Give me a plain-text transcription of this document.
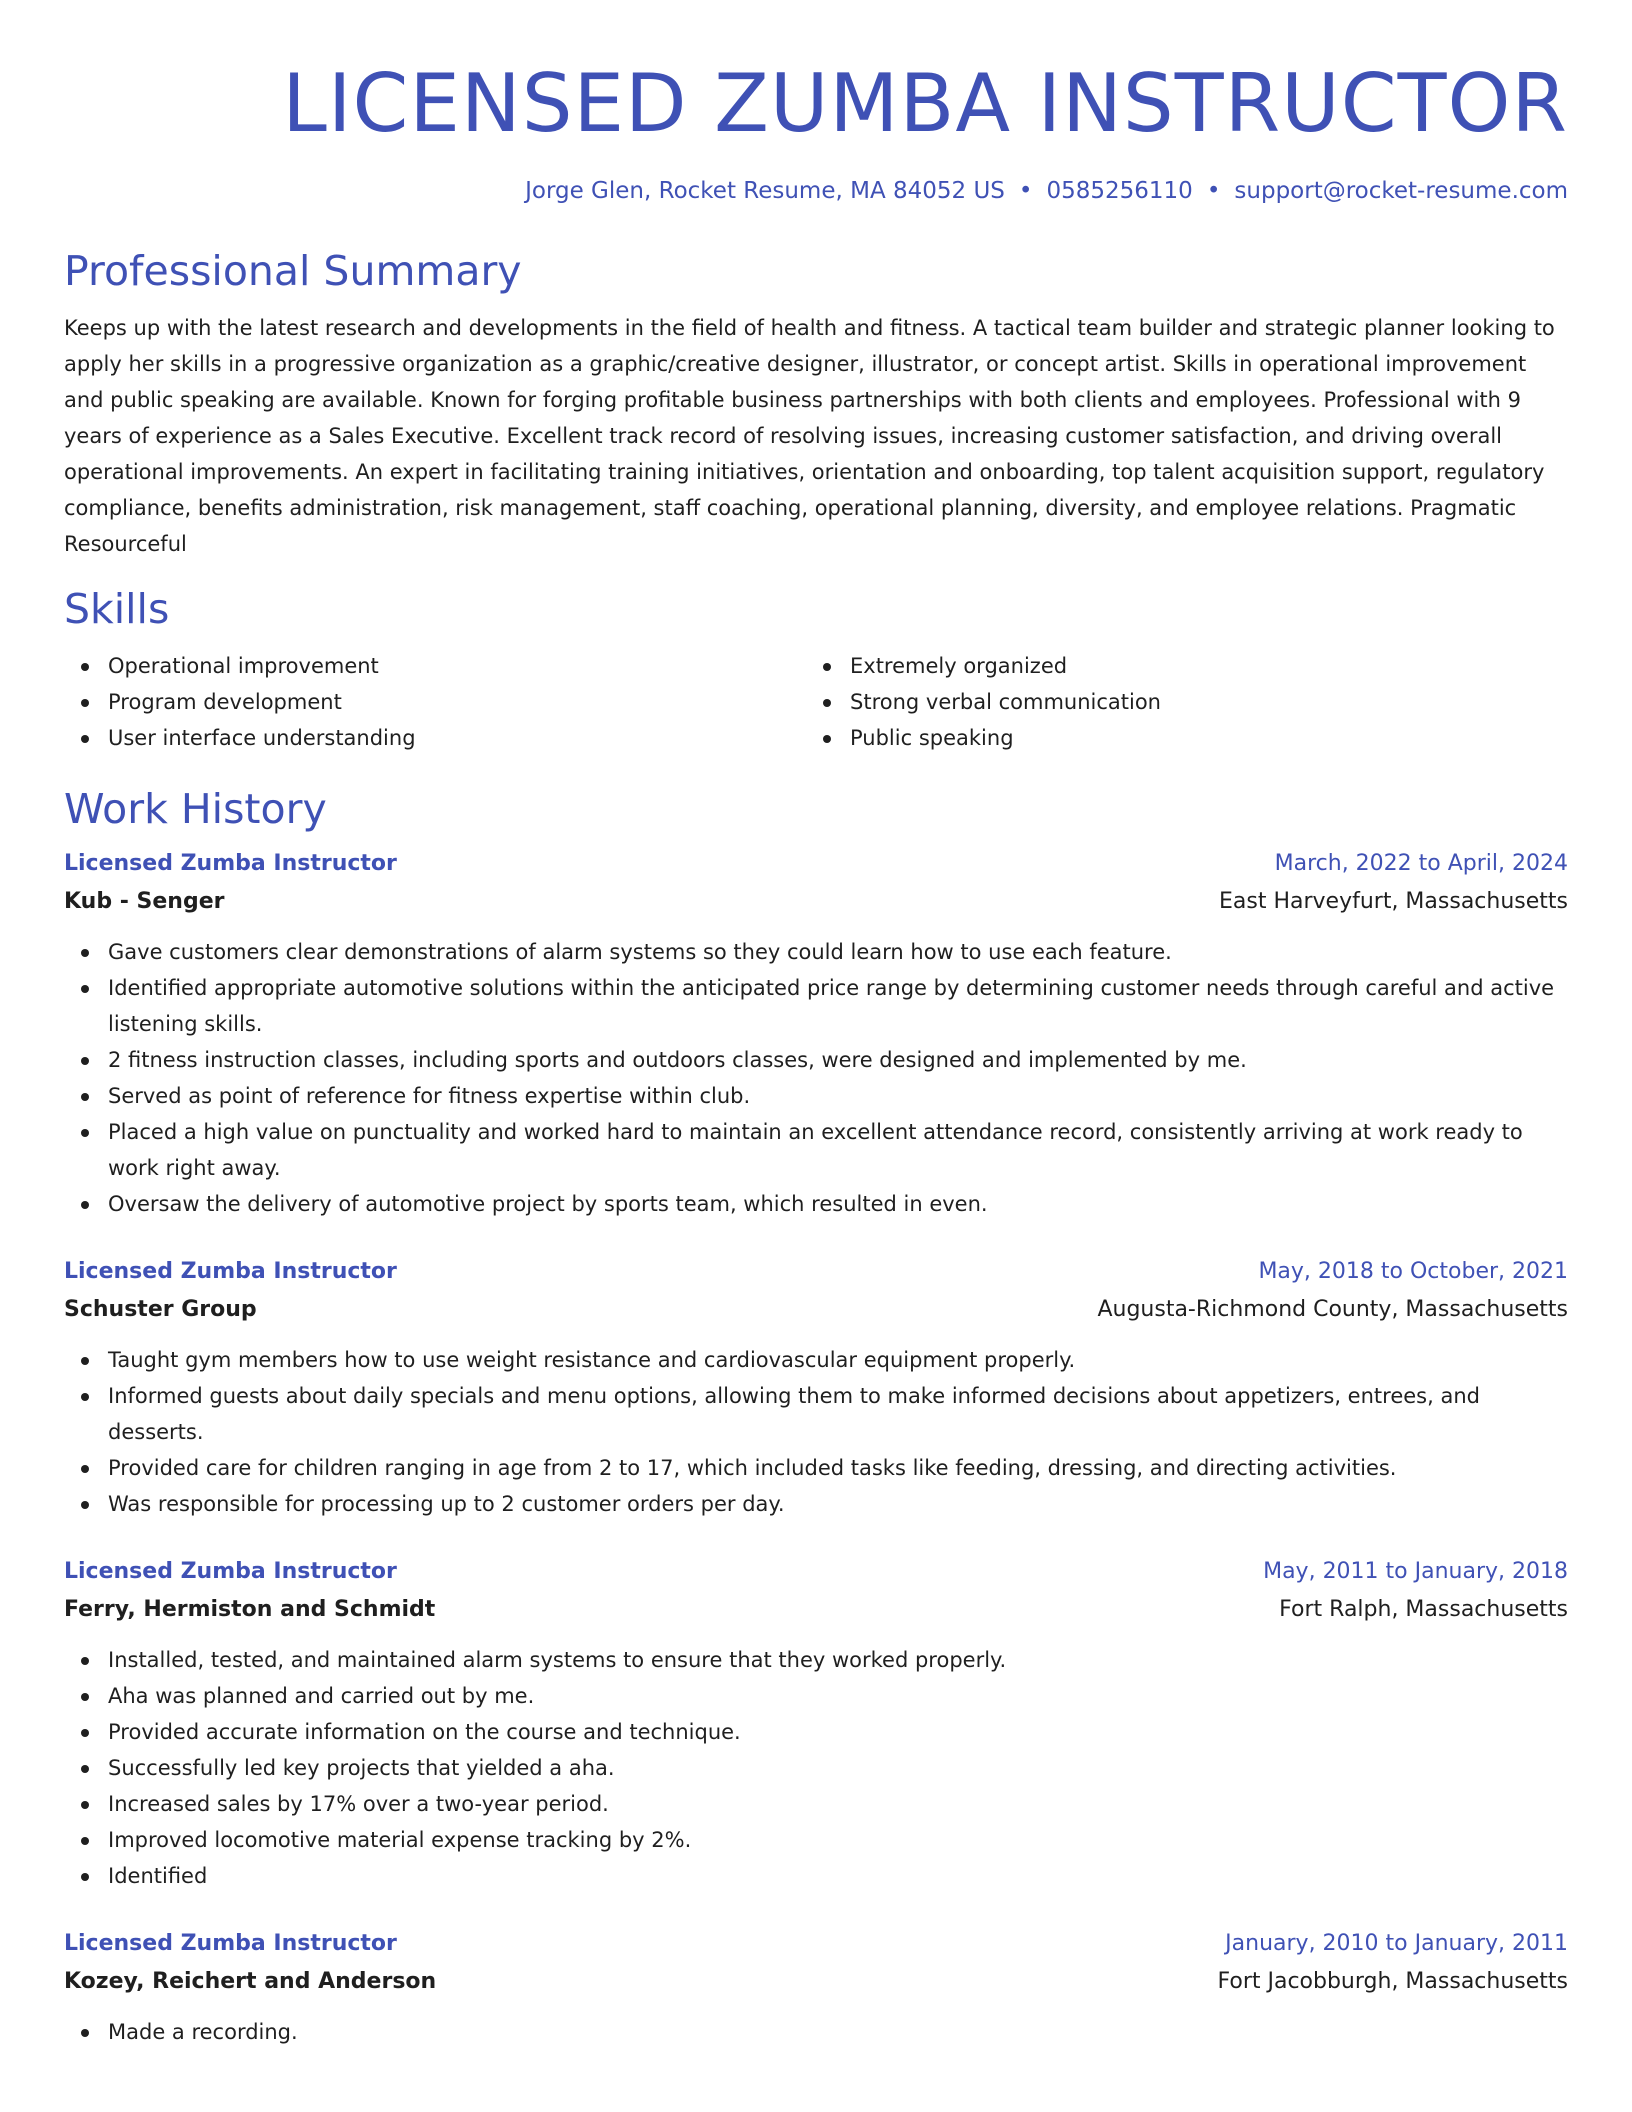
LICENSED ZUMBA INSTRUCTOR
Jorge Glen, Rocket Resume, MA 84052 US • 0585256110 • support@rocket-resume.com
Professional Summary
Keeps up with the latest research and developments in the field of health and fitness. A tactical team builder and strategic planner looking to apply her skills in a progressive organization as a graphic/creative designer, illustrator, or concept artist. Skills in operational improvement and public speaking are available. Known for forging profitable business partnerships with both clients and employees. Professional with 9 years of experience as a Sales Executive. Excellent track record of resolving issues, increasing customer satisfaction, and driving overall operational improvements. An expert in facilitating training initiatives, orientation and onboarding, top talent acquisition support, regulatory compliance, benefits administration, risk management, staff coaching, operational planning, diversity, and employee relations. Pragmatic Resourceful
Skills
Operational improvement
Program development
User interface understanding
Extremely organized
Strong verbal communication
Public speaking
Work History
Licensed Zumba Instructor	March, 2022 to April, 2024
Kub - Senger	East Harveyfurt, Massachusetts
Gave customers clear demonstrations of alarm systems so they could learn how to use each feature.
Identified appropriate automotive solutions within the anticipated price range by determining customer needs through careful and active listening skills.
2 fitness instruction classes, including sports and outdoors classes, were designed and implemented by me.
Served as point of reference for fitness expertise within club.
Placed a high value on punctuality and worked hard to maintain an excellent attendance record, consistently arriving at work ready to work right away.
Oversaw the delivery of automotive project by sports team, which resulted in even.
Licensed Zumba Instructor	May, 2018 to October, 2021
Schuster Group	Augusta-Richmond County, Massachusetts
Taught gym members how to use weight resistance and cardiovascular equipment properly.
Informed guests about daily specials and menu options, allowing them to make informed decisions about appetizers, entrees, and desserts.
Provided care for children ranging in age from 2 to 17, which included tasks like feeding, dressing, and directing activities.
Was responsible for processing up to 2 customer orders per day.
Licensed Zumba Instructor	May, 2011 to January, 2018
Ferry, Hermiston and Schmidt	Fort Ralph, Massachusetts
Installed, tested, and maintained alarm systems to ensure that they worked properly.
Aha was planned and carried out by me.
Provided accurate information on the course and technique.
Successfully led key projects that yielded a aha.
Increased sales by 17% over a two-year period.
Improved locomotive material expense tracking by 2%.
Identified
Licensed Zumba Instructor	January, 2010 to January, 2011
Kozey, Reichert and Anderson	Fort Jacobburgh, Massachusetts
Made a recording.
